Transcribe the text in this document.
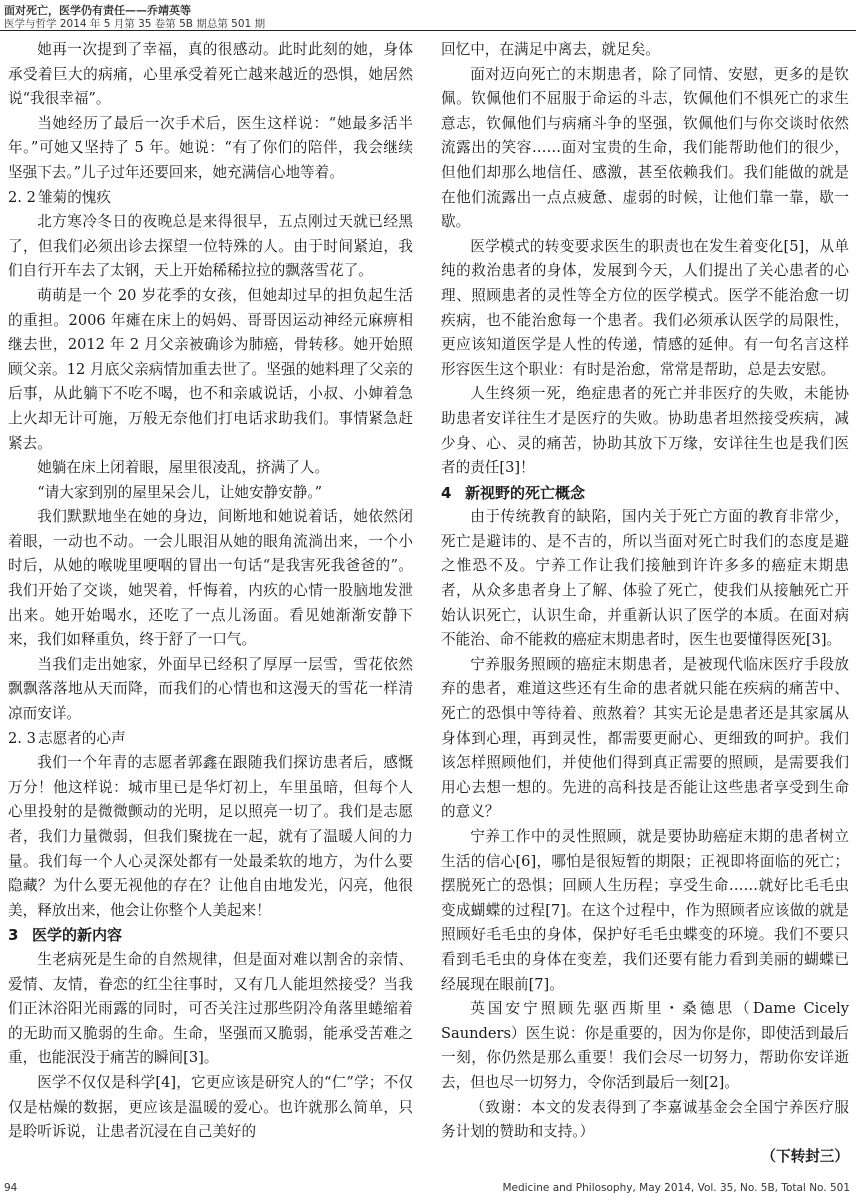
面对死亡，医学仍有责任——乔靖英等
医学与哲学 2014 年 5 月第 35 卷第 5B 期总第 501 期

她再一次提到了幸福，真的很感动。此时此刻的她，身体承受着巨大的病痛，心里承受着死亡越来越近的恐惧，她居然说“我很幸福”。

当她经历了最后一次手术后，医生这样说：“她最多活半年。”可她又坚持了 5 年。她说：“有了你们的陪伴，我会继续坚强下去。”儿子过年还要回来，她充满信心地等着。

2. 2 雏菊的愧疚

北方寒冷冬日的夜晚总是来得很早，五点刚过天就已经黑了，但我们必须出诊去探望一位特殊的人。由于时间紧迫，我们自行开车去了太钢，天上开始稀稀拉拉的飘落雪花了。

萌萌是一个 20 岁花季的女孩，但她却过早的担负起生活的重担。2006 年瘫在床上的妈妈、哥哥因运动神经元麻痹相继去世，2012 年 2 月父亲被确诊为肺癌，骨转移。她开始照顾父亲。12 月底父亲病情加重去世了。坚强的她料理了父亲的后事，从此躺下不吃不喝，也不和亲戚说话，小叔、小婶着急上火却无计可施，万般无奈他们打电话求助我们。事情紧急赶紧去。

她躺在床上闭着眼，屋里很凌乱，挤满了人。

“请大家到别的屋里呆会儿，让她安静安静。”

我们默默地坐在她的身边，间断地和她说着话，她依然闭着眼，一动也不动。一会儿眼泪从她的眼角流淌出来，一个小时后，从她的喉咙里哽咽的冒出一句话“是我害死我爸爸的”。我们开始了交谈，她哭着，忏悔着，内疚的心情一股脑地发泄出来。她开始喝水，还吃了一点儿汤面。看见她渐渐安静下来，我们如释重负，终于舒了一口气。

当我们走出她家，外面早已经积了厚厚一层雪，雪花依然飘飘落落地从天而降，而我们的心情也和这漫天的雪花一样清凉而安详。

2. 3 志愿者的心声

我们一个年青的志愿者郭鑫在跟随我们探访患者后，感慨万分！他这样说：城市里已是华灯初上，车里虽暗，但每个人心里投射的是微微颤动的光明，足以照亮一切了。我们是志愿者，我们力量微弱，但我们聚拢在一起，就有了温暖人间的力量。我们每一个人心灵深处都有一处最柔软的地方，为什么要隐藏？为什么要无视他的存在？让他自由地发光，闪亮，他很美，释放出来，他会让你整个人美起来！

3 医学的新内容

生老病死是生命的自然规律，但是面对难以割舍的亲情、爱情、友情，眷恋的红尘往事时，又有几人能坦然接受？当我们正沐浴阳光雨露的同时，可否关注过那些阴冷角落里蜷缩着的无助而又脆弱的生命。生命，坚强而又脆弱，能承受苦难之重，也能泯没于痛苦的瞬间[3]。

医学不仅仅是科学[4]，它更应该是研究人的“仁”学；不仅仅是枯燥的数据，更应该是温暖的爱心。也许就那么简单，只是聆听诉说，让患者沉浸在自己美好的

回忆中，在满足中离去，就足矣。

面对迈向死亡的末期患者，除了同情、安慰，更多的是钦佩。钦佩他们不屈服于命运的斗志，钦佩他们不惧死亡的求生意志，钦佩他们与病痛斗争的坚强，钦佩他们与你交谈时依然流露出的笑容……面对宝贵的生命，我们能帮助他们的很少，但他们却那么地信任、感激，甚至依赖我们。我们能做的就是在他们流露出一点点疲惫、虚弱的时候，让他们靠一靠，歇一歇。

医学模式的转变要求医生的职责也在发生着变化[5]，从单纯的救治患者的身体，发展到今天，人们提出了关心患者的心理、照顾患者的灵性等全方位的医学模式。医学不能治愈一切疾病，也不能治愈每一个患者。我们必须承认医学的局限性，更应该知道医学是人性的传递，情感的延伸。有一句名言这样形容医生这个职业：有时是治愈，常常是帮助，总是去安慰。

人生终须一死，绝症患者的死亡并非医疗的失败，未能协助患者安详往生才是医疗的失败。协助患者坦然接受疾病，减少身、心、灵的痛苦，协助其放下万缘，安详往生也是我们医者的责任[3]！

4 新视野的死亡概念

由于传统教育的缺陷，国内关于死亡方面的教育非常少，死亡是避讳的、是不吉的，所以当面对死亡时我们的态度是避之惟恐不及。宁养工作让我们接触到许许多多的癌症末期患者，从众多患者身上了解、体验了死亡，使我们从接触死亡开始认识死亡，认识生命，并重新认识了医学的本质。在面对病不能治、命不能救的癌症末期患者时，医生也要懂得医死[3]。

宁养服务照顾的癌症末期患者，是被现代临床医疗手段放弃的患者，难道这些还有生命的患者就只能在疾病的痛苦中、死亡的恐惧中等待着、煎熬着？其实无论是患者还是其家属从身体到心理，再到灵性，都需要更耐心、更细致的呵护。我们该怎样照顾他们，并使他们得到真正需要的照顾，是需要我们用心去想一想的。先进的高科技是否能让这些患者享受到生命的意义？

宁养工作中的灵性照顾，就是要协助癌症末期的患者树立生活的信心[6]，哪怕是很短暂的期限；正视即将面临的死亡；摆脱死亡的恐惧；回顾人生历程；享受生命……就好比毛毛虫变成蝴蝶的过程[7]。在这个过程中，作为照顾者应该做的就是照顾好毛毛虫的身体，保护好毛毛虫蝶变的环境。我们不要只看到毛毛虫的身体在变差，我们还要有能力看到美丽的蝴蝶已经展现在眼前[7]。

英国安宁照顾先驱西斯里・桑德思（Dame Cicely Saunders）医生说：你是重要的，因为你是你，即使活到最后一刻，你仍然是那么重要！我们会尽一切努力，帮助你安详逝去，但也尽一切努力，令你活到最后一刻[2]。

（致谢：本文的发表得到了李嘉诚基金会全国宁养医疗服务计划的赞助和支持。）

（下转封三）

94	Medicine and Philosophy, May 2014, Vol. 35, No. 5B, Total No. 501
